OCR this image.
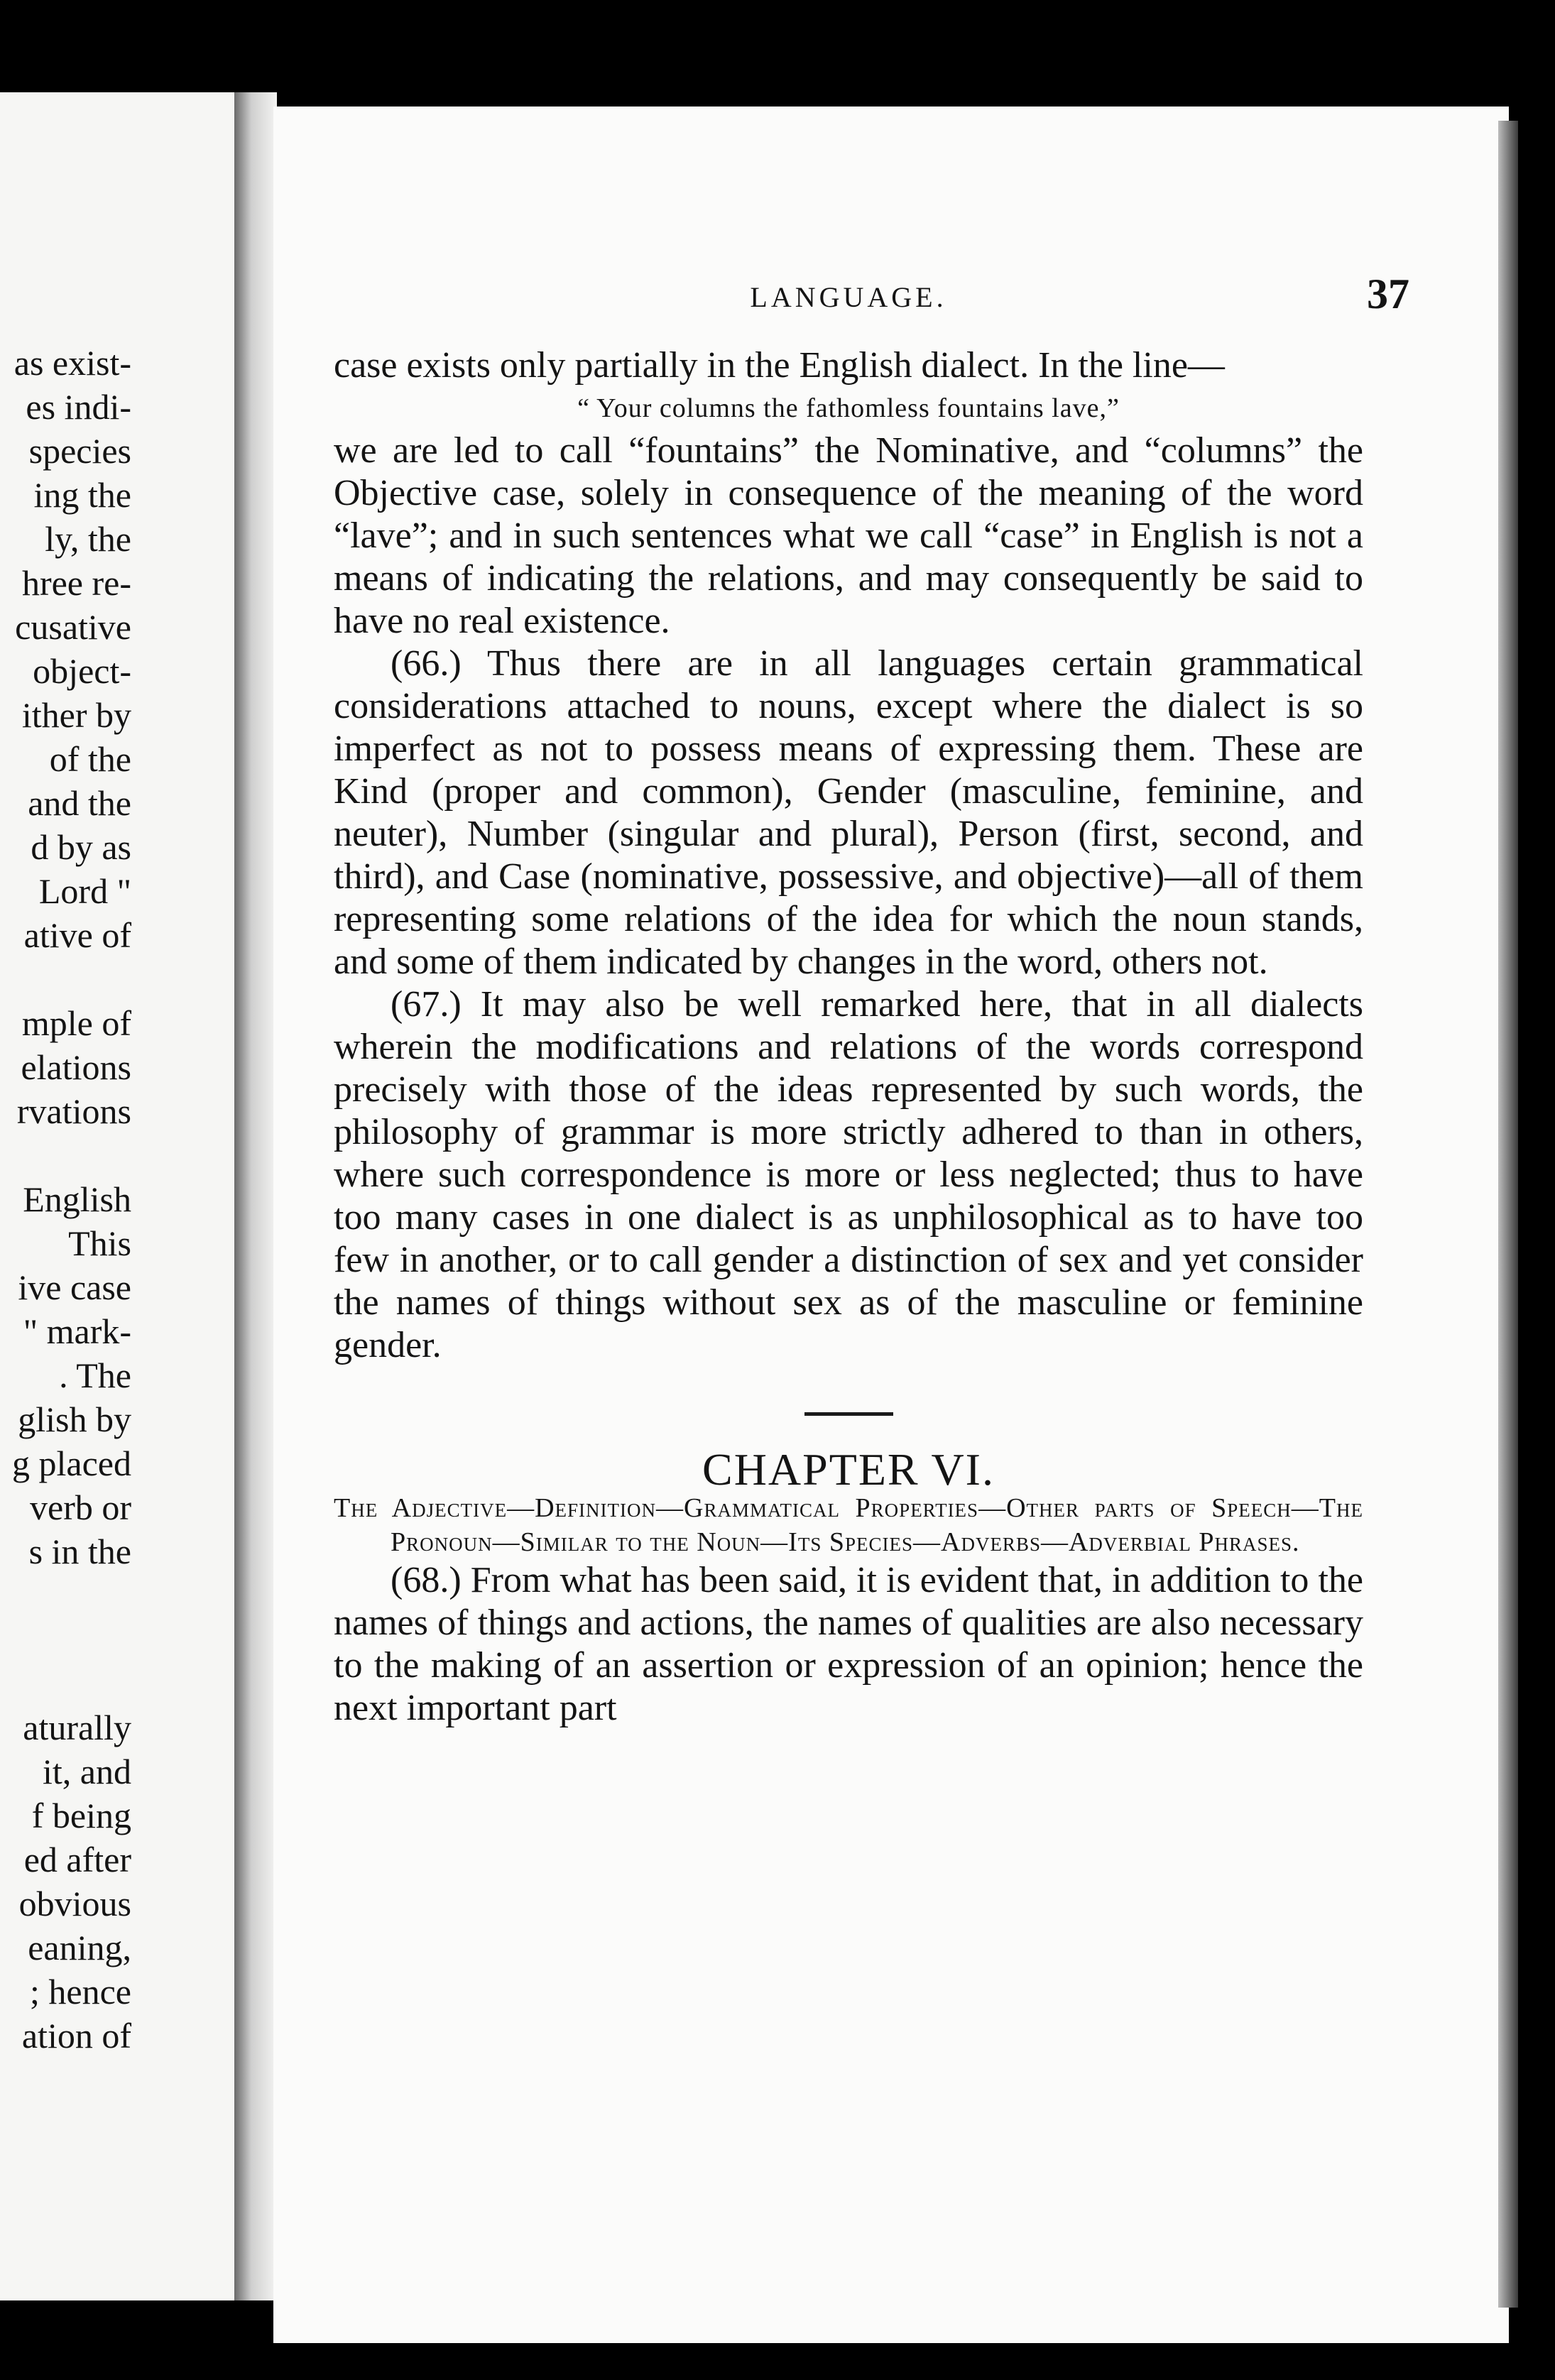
as exist-
es indi-
species
ing the
ly, the
hree re-
cusative
object-
ither by
of the
and the
d by as
Lord "
ative of
mple of
elations
rvations
English
This
ive case
" mark-
. The
glish by
g placed
verb or
s in the
aturally
it, and
f being
ed after
obvious
eaning,
; hence
ation of
LANGUAGE.	37

case exists only partially in the English dialect. In the line—

“ Your columns the fathomless fountains lave,”

we are led to call “fountains” the Nominative, and “columns” the Objective case, solely in consequence of the meaning of the word “lave”; and in such sentences what we call “case” in English is not a means of indicating the relations, and may consequently be said to have no real existence.

(66.) Thus there are in all languages certain grammatical considerations attached to nouns, except where the dialect is so imperfect as not to possess means of expressing them. These are Kind (proper and common), Gender (masculine, feminine, and neuter), Number (singular and plural), Person (first, second, and third), and Case (nominative, possessive, and objective)—all of them representing some relations of the idea for which the noun stands, and some of them indicated by changes in the word, others not.

(67.) It may also be well remarked here, that in all dialects wherein the modifications and relations of the words correspond precisely with those of the ideas represented by such words, the philosophy of grammar is more strictly adhered to than in others, where such correspondence is more or less neglected; thus to have too many cases in one dialect is as unphilosophical as to have too few in another, or to call gender a distinction of sex and yet consider the names of things without sex as of the masculine or feminine gender.

CHAPTER VI.

The Adjective—Definition—Grammatical Properties—Other parts of Speech—The Pronoun—Similar to the Noun—Its Species—Adverbs—Adverbial Phrases.

(68.) From what has been said, it is evident that, in addition to the names of things and actions, the names of qualities are also necessary to the making of an assertion or expression of an opinion; hence the next important part
